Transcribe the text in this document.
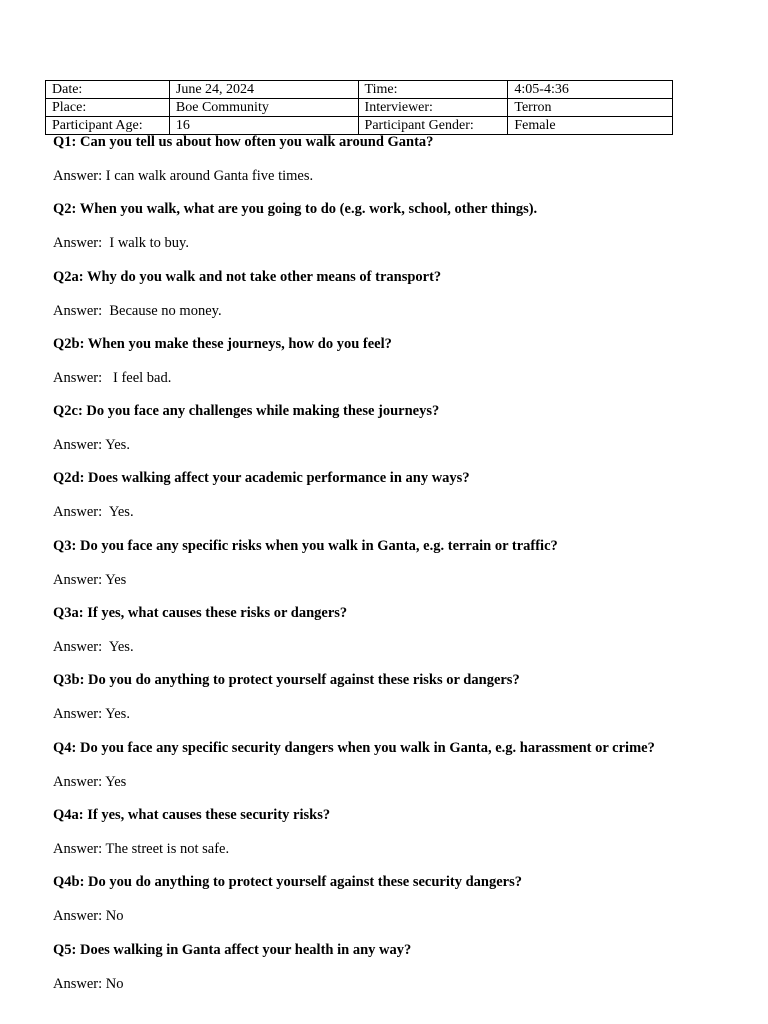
Date:	June 24, 2024	Time:	4:05-4:36
Place:	Boe Community	Interviewer:	Terron
Participant Age:	16	Participant Gender:	Female
Q1: Can you tell us about how often you walk around Ganta?
Answer: I can walk around Ganta five times.
Q2: When you walk, what are you going to do (e.g. work, school, other things).
Answer:  I walk to buy.
Q2a: Why do you walk and not take other means of transport?
Answer:  Because no money.
Q2b: When you make these journeys, how do you feel?
Answer:   I feel bad.
Q2c: Do you face any challenges while making these journeys?
Answer: Yes.
Q2d: Does walking affect your academic performance in any ways?
Answer:  Yes.
Q3: Do you face any specific risks when you walk in Ganta, e.g. terrain or traffic?
Answer: Yes
Q3a: If yes, what causes these risks or dangers?
Answer:  Yes.
Q3b: Do you do anything to protect yourself against these risks or dangers?
Answer: Yes.
Q4: Do you face any specific security dangers when you walk in Ganta, e.g. harassment or crime?
Answer: Yes
Q4a: If yes, what causes these security risks?
Answer: The street is not safe.
Q4b: Do you do anything to protect yourself against these security dangers?
Answer: No
Q5: Does walking in Ganta affect your health in any way?
Answer: No
